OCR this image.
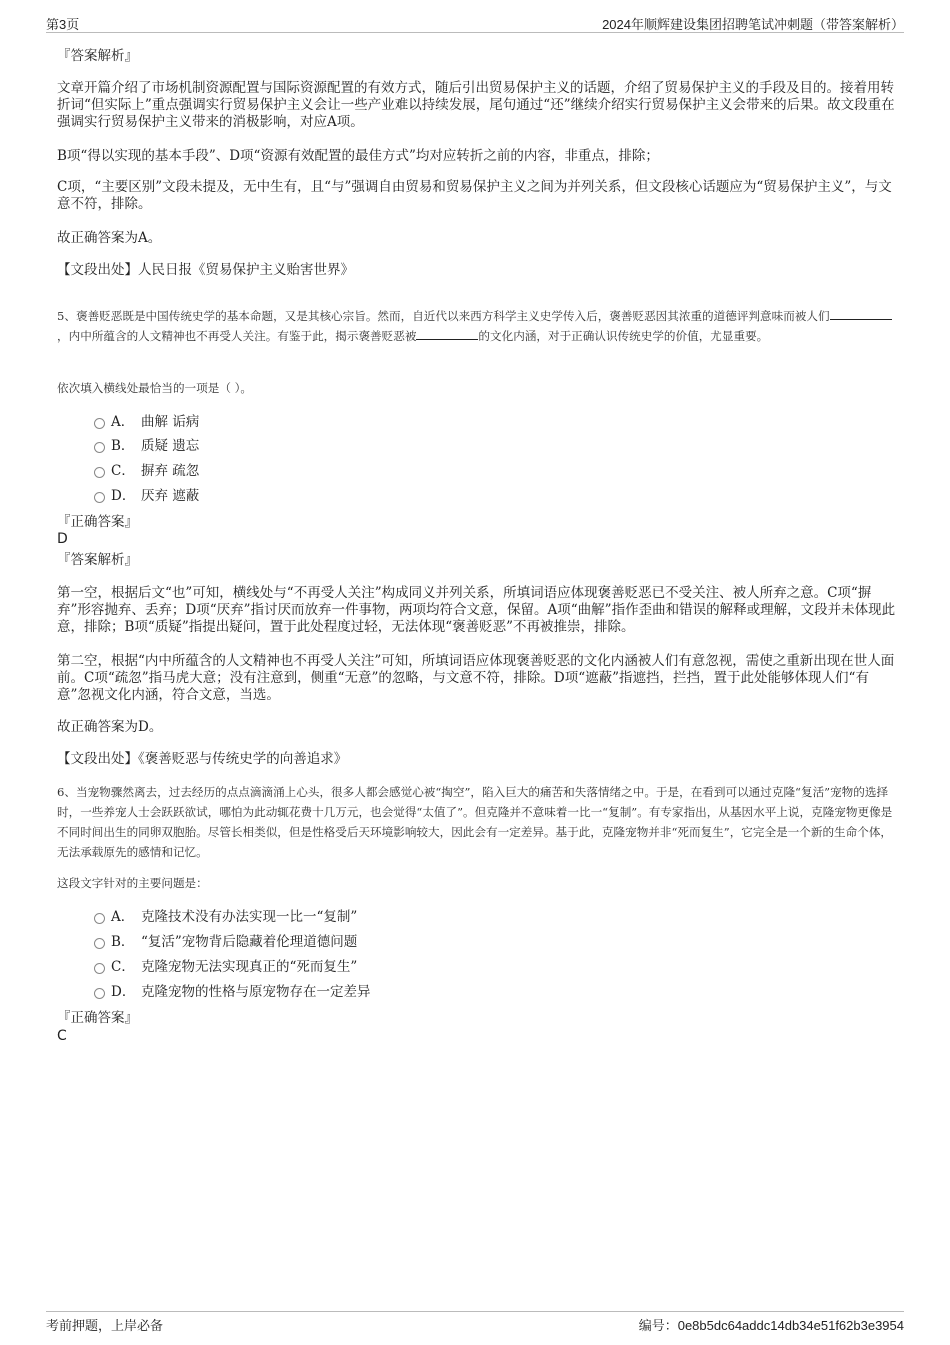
第3页	2024年顺辉建设集团招聘笔试冲刺题（带答案解析）
『答案解析』
文章开篇介绍了市场机制资源配置与国际资源配置的有效方式，随后引出贸易保护主义的话题，介绍了贸易保护主义的手段及目的。接着用转折词“但实际上”重点强调实行贸易保护主义会让一些产业难以持续发展，尾句通过“还”继续介绍实行贸易保护主义会带来的后果。故文段重在强调实行贸易保护主义带来的消极影响，对应A项。
B项“得以实现的基本手段”、D项“资源有效配置的最佳方式”均对应转折之前的内容，非重点，排除；
C项，“主要区别”文段未提及，无中生有，且“与”强调自由贸易和贸易保护主义之间为并列关系，但文段核心话题应为“贸易保护主义”，与文意不符，排除。
故正确答案为A。
【文段出处】人民日报《贸易保护主义贻害世界》
5、褒善贬恶既是中国传统史学的基本命题，又是其核心宗旨。然而，自近代以来西方科学主义史学传入后，褒善贬恶因其浓重的道德评判意味而被人们，内中所蕴含的人文精神也不再受人关注。有鉴于此，揭示褒善贬恶被	的文化内涵，对于正确认识传统史学的价值，尤显重要。
依次填入横线处最恰当的一项是（ ）。
A． 曲解 诟病
B． 质疑 遗忘
C． 摒弃 疏忽
D． 厌弃 遮蔽
『正确答案』
D
『答案解析』
第一空，根据后文“也”可知，横线处与“不再受人关注”构成同义并列关系，所填词语应体现褒善贬恶已不受关注、被人所弃之意。C项“摒弃”形容抛弃、丢弃；D项“厌弃”指讨厌而放弃一件事物，两项均符合文意，保留。A项“曲解”指作歪曲和错误的解释或理解，文段并未体现此意，排除；B项“质疑”指提出疑问，置于此处程度过轻，无法体现“褒善贬恶”不再被推崇，排除。
第二空，根据“内中所蕴含的人文精神也不再受人关注”可知，所填词语应体现褒善贬恶的文化内涵被人们有意忽视，需使之重新出现在世人面前。C项“疏忽”指马虎大意；没有注意到，侧重“无意”的忽略，与文意不符，排除。D项“遮蔽”指遮挡，拦挡，置于此处能够体现人们“有意”忽视文化内涵，符合文意，当选。
故正确答案为D。
【文段出处】《褒善贬恶与传统史学的向善追求》
6、当宠物骤然离去，过去经历的点点滴滴涌上心头，很多人都会感觉心被“掏空”，陷入巨大的痛苦和失落情绪之中。于是，在看到可以通过克隆“复活”宠物的选择时，一些养宠人士会跃跃欲试，哪怕为此动辄花费十几万元，也会觉得“太值了”。但克隆并不意味着一比一“复制”。有专家指出，从基因水平上说，克隆宠物更像是不同时间出生的同卵双胞胎。尽管长相类似，但是性格受后天环境影响较大，因此会有一定差异。基于此，克隆宠物并非“死而复生”，它完全是一个新的生命个体，无法承载原先的感情和记忆。
这段文字针对的主要问题是：
A． 克隆技术没有办法实现一比一“复制”
B． “复活”宠物背后隐藏着伦理道德问题
C． 克隆宠物无法实现真正的“死而复生”
D． 克隆宠物的性格与原宠物存在一定差异
『正确答案』
C
考前押题，上岸必备	编号：0e8b5dc64addc14db34e51f62b3e3954
